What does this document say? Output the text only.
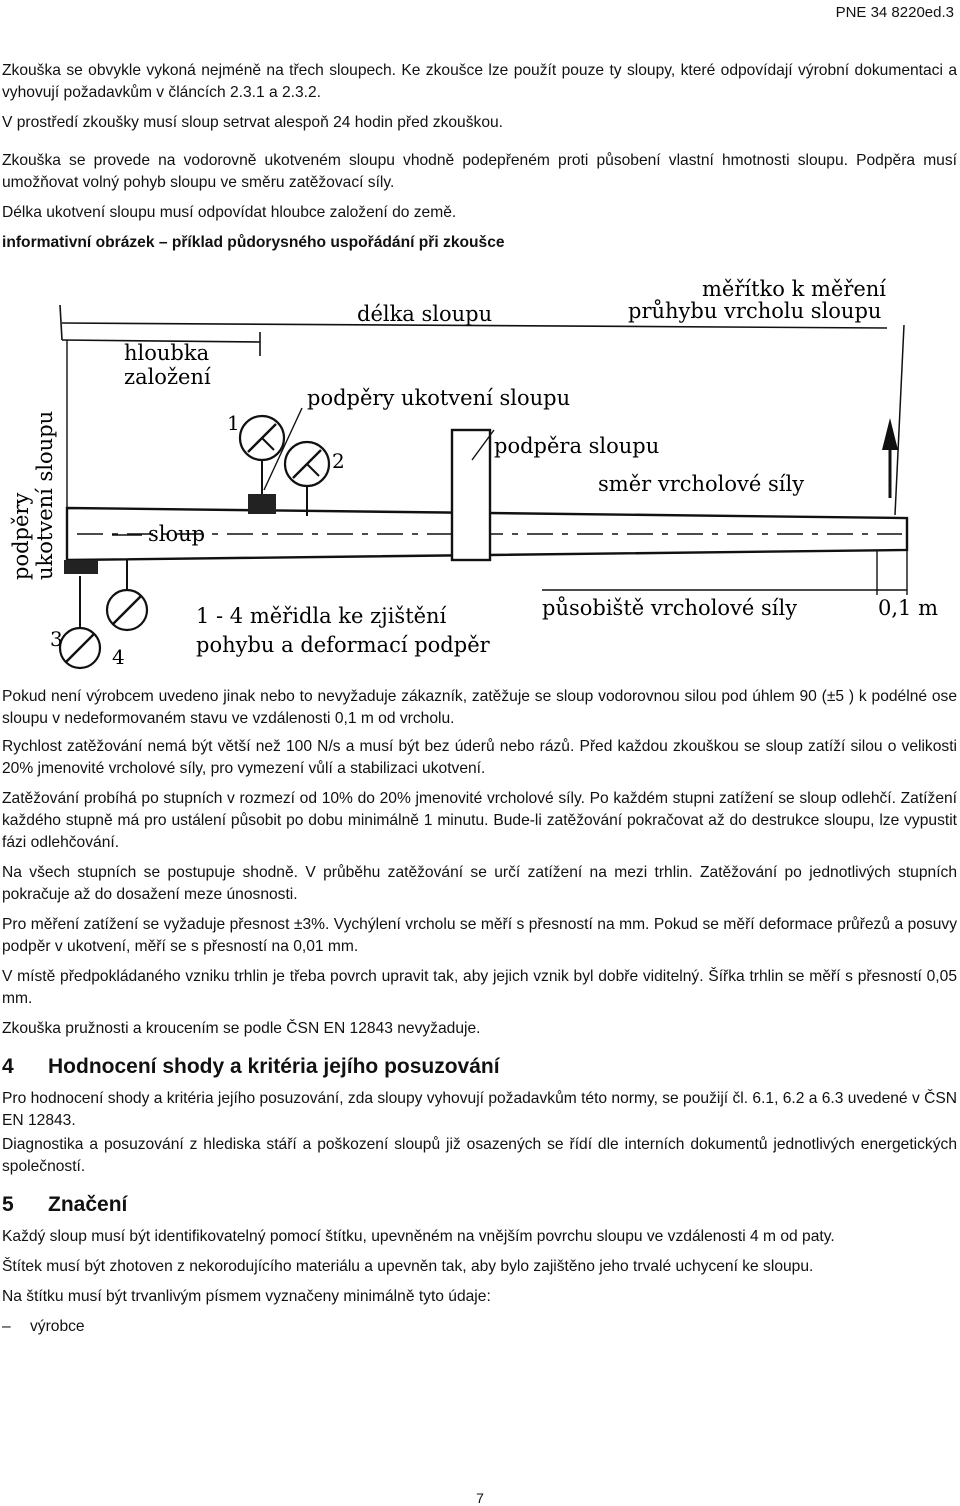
PNE 34 8220ed.3

Zkouška se obvykle vykoná nejméně na třech sloupech. Ke zkoušce lze použít pouze ty sloupy, které odpovídají výrobní dokumentaci a vyhovují požadavkům v článcích 2.3.1 a 2.3.2.

V prostředí zkoušky musí sloup setrvat alespoň 24 hodin před zkouškou.

Zkouška se provede na vodorovně ukotveném sloupu vhodně podepřeném proti působení vlastní hmotnosti sloupu. Podpěra musí umožňovat volný pohyb sloupu ve směru zatěžovací síly.

Délka ukotvení sloupu musí odpovídat hloubce založení do země.

informativní obrázek – příklad půdorysného uspořádání při zkoušce

měřítko k měření
průhybu vrcholu sloupu
délka sloupu
hloubka
založení
podpěry ukotvení sloupu
podpěra sloupu
směr vrcholové síly
sloup
podpěry ukotvení sloupu
1 - 4 měřidla ke zjištění
pohybu a deformací podpěr
působiště vrcholové síly	0,1 m
1
2
3
4

Pokud není výrobcem uvedeno jinak nebo to nevyžaduje zákazník, zatěžuje se sloup vodorovnou silou pod úhlem 90 (±5 ) k podélné ose sloupu v nedeformovaném stavu ve vzdálenosti 0,1 m od vrcholu.

Rychlost zatěžování nemá být větší než 100 N/s a musí být bez úderů nebo rázů. Před každou zkouškou se sloup zatíží silou o velikosti 20% jmenovité vrcholové síly, pro vymezení vůlí a stabilizaci ukotvení.

Zatěžování probíhá po stupních v rozmezí od 10% do 20% jmenovité vrcholové síly. Po každém stupni zatížení se sloup odlehčí. Zatížení každého stupně má pro ustálení působit po dobu minimálně 1 minutu. Bude-li zatěžování pokračovat až do destrukce sloupu, lze vypustit fázi odlehčování.

Na všech stupních se postupuje shodně. V průběhu zatěžování se určí zatížení na mezi trhlin. Zatěžování po jednotlivých stupních pokračuje až do dosažení meze únosnosti.

Pro měření zatížení se vyžaduje přesnost ±3%. Vychýlení vrcholu se měří s přesností na mm. Pokud se měří deformace průřezů a posuvy podpěr v ukotvení, měří se s přesností na 0,01 mm.

V místě předpokládaného vzniku trhlin je třeba povrch upravit tak, aby jejich vznik byl dobře viditelný. Šířka trhlin se měří s přesností 0,05 mm.

Zkouška pružnosti a kroucením se podle ČSN EN 12843 nevyžaduje.

4 Hodnocení shody a kritéria jejího posuzování

Pro hodnocení shody a kritéria jejího posuzování, zda sloupy vyhovují požadavkům této normy, se použijí čl. 6.1, 6.2 a 6.3 uvedené v ČSN EN 12843.

Diagnostika a posuzování z hlediska stáří a poškození sloupů již osazených se řídí dle interních dokumentů jednotlivých energetických společností.

5 Značení

Každý sloup musí být identifikovatelný pomocí štítku, upevněném na vnějším povrchu sloupu ve vzdálenosti 4 m od paty.

Štítek musí být zhotoven z nekorodujícího materiálu a upevněn tak, aby bylo zajištěno jeho trvalé uchycení ke sloupu.

Na štítku musí být trvanlivým písmem vyznačeny minimálně tyto údaje:

– výrobce
7
